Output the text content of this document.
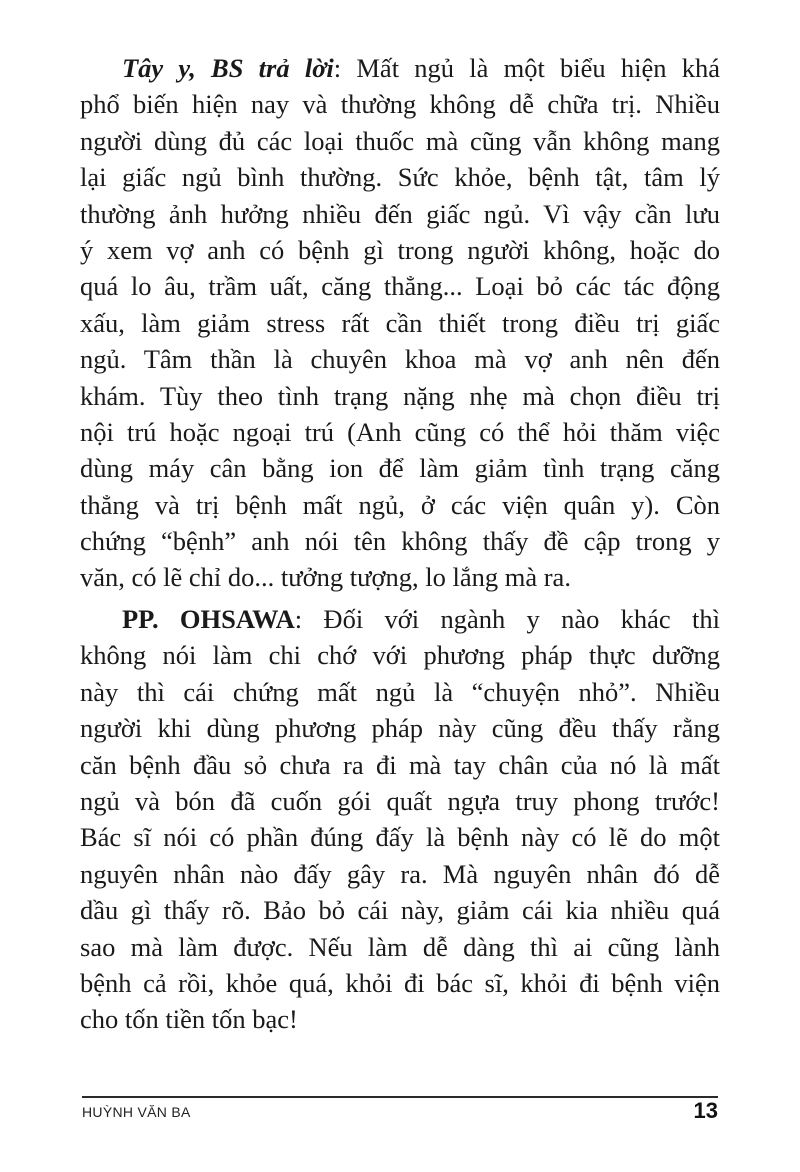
Tây y, BS trả lời: Mất ngủ là một biểu hiện khá
phổ biến hiện nay và thường không dễ chữa trị. Nhiều
người dùng đủ các loại thuốc mà cũng vẫn không mang
lại giấc ngủ bình thường. Sức khỏe, bệnh tật, tâm lý
thường ảnh hưởng nhiều đến giấc ngủ. Vì vậy cần lưu
ý xem vợ anh có bệnh gì trong người không, hoặc do
quá lo âu, trầm uất, căng thẳng... Loại bỏ các tác động
xấu, làm giảm stress rất cần thiết trong điều trị giấc
ngủ. Tâm thần là chuyên khoa mà vợ anh nên đến
khám. Tùy theo tình trạng nặng nhẹ mà chọn điều trị
nội trú hoặc ngoại trú (Anh cũng có thể hỏi thăm việc
dùng máy cân bằng ion để làm giảm tình trạng căng
thẳng và trị bệnh mất ngủ, ở các viện quân y). Còn
chứng “bệnh” anh nói tên không thấy đề cập trong y
văn, có lẽ chỉ do... tưởng tượng, lo lắng mà ra.
PP. OHSAWA: Đối với ngành y nào khác thì
không nói làm chi chớ với phương pháp thực dưỡng
này thì cái chứng mất ngủ là “chuyện nhỏ”. Nhiều
người khi dùng phương pháp này cũng đều thấy rằng
căn bệnh đầu sỏ chưa ra đi mà tay chân của nó là mất
ngủ và bón đã cuốn gói quất ngựa truy phong trước!
Bác sĩ nói có phần đúng đấy là bệnh này có lẽ do một
nguyên nhân nào đấy gây ra. Mà nguyên nhân đó dễ
dầu gì thấy rõ. Bảo bỏ cái này, giảm cái kia nhiều quá
sao mà làm được. Nếu làm dễ dàng thì ai cũng lành
bệnh cả rồi, khỏe quá, khỏi đi bác sĩ, khỏi đi bệnh viện
cho tốn tiền tốn bạc!
HUỲNH VĂN BA	13
